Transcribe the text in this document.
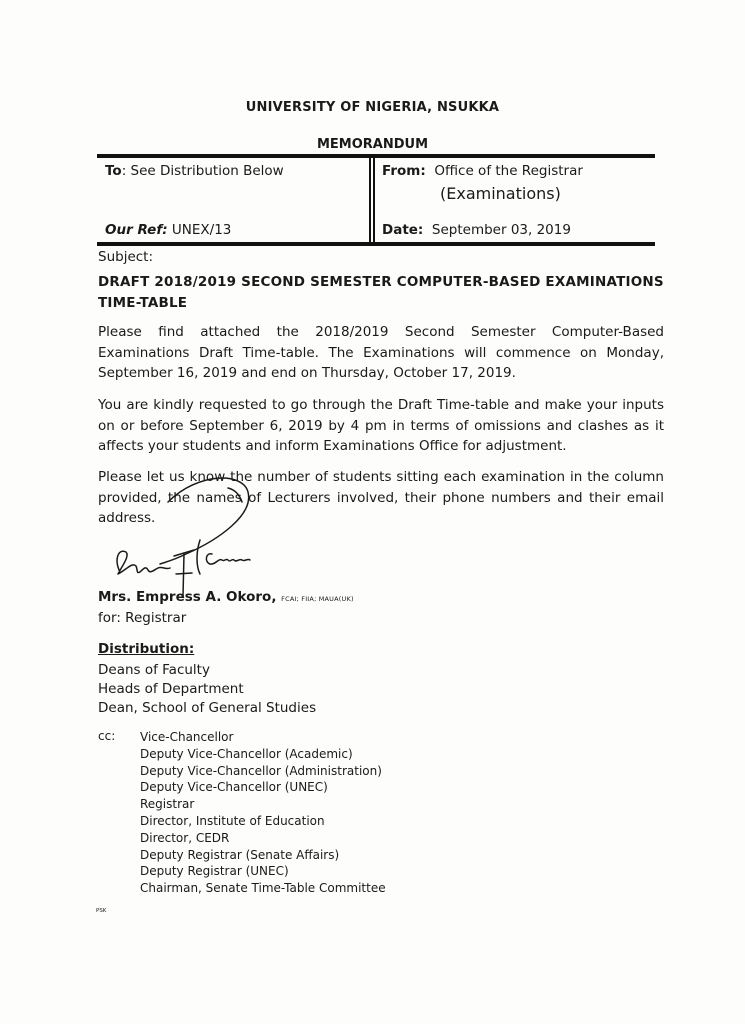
UNIVERSITY OF NIGERIA, NSUKKA
MEMORANDUM
To: See Distribution Below
Our Ref: UNEX/13
From: Office of the Registrar
(Examinations)
Date: September 03, 2019
Subject:
DRAFT 2018/2019 SECOND SEMESTER COMPUTER-BASED EXAMINATIONS TIME-TABLE
Please find attached the 2018/2019 Second Semester Computer-Based Examinations Draft Time-table. The Examinations will commence on Monday, September 16, 2019 and end on Thursday, October 17, 2019.
You are kindly requested to go through the Draft Time-table and make your inputs on or before September 6, 2019 by 4 pm in terms of omissions and clashes as it affects your students and inform Examinations Office for adjustment.
Please let us know the number of students sitting each examination in the column provided, the names of Lecturers involved, their phone numbers and their email address.
Mrs. Empress A. Okoro, FCAI; FIIA; MAUA(UK)
for: Registrar
Distribution:
Deans of Faculty
Heads of Department
Dean, School of General Studies
cc: Vice-Chancellor
Deputy Vice-Chancellor (Academic)
Deputy Vice-Chancellor (Administration)
Deputy Vice-Chancellor (UNEC)
Registrar
Director, Institute of Education
Director, CEDR
Deputy Registrar (Senate Affairs)
Deputy Registrar (UNEC)
Chairman, Senate Time-Table Committee
PSK
